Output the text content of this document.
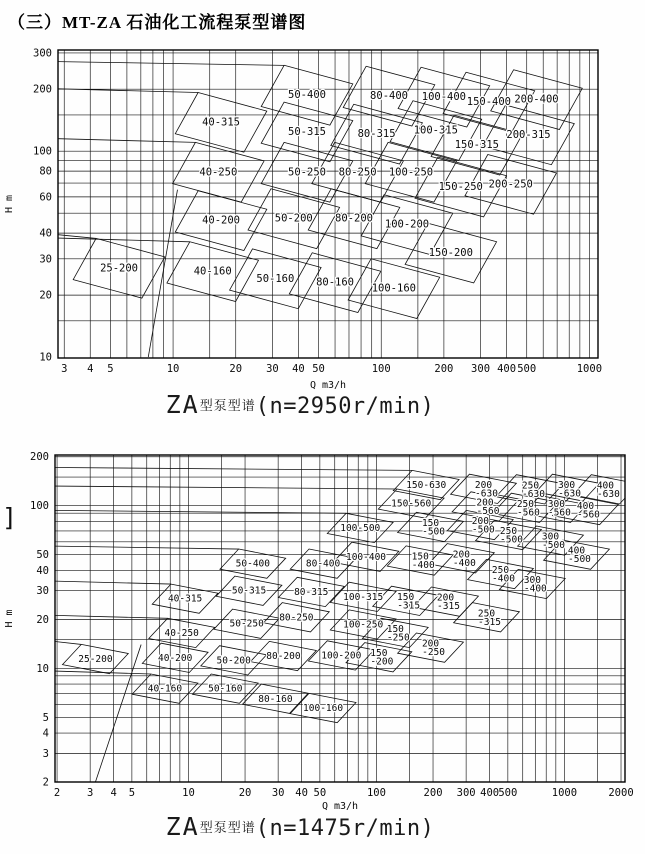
（三）MT-ZA 石油化工流程泵型谱图
25-200	40-160
50-160 80-160
100-160
40-200	50-200 80-200 100-200
150-200
40-250	50-250 80-250 100-250
150-250 200-250
40-315
50-315	80-315 100-315
150-315
200-315
50-400	80-400 100-400 150-400 200-400
3 4 5	10	20 30 40 50	100	200 300 400 500	1000
10
20
30
40
60
80
100
200
300
Q m3/h
H m
ZA型泵型谱(n=2950r/min)
]
25-200
40-160	50-160
80-160
100-160
40-200	50-200 80-200 100-200 150 -200
40-250
50-250
80-250
100-250 150 -250
200 -250
40-315
50-315	80-315 100-315 150 -315
200 -315
250 -315
50-400	80-400
100-400	150 -400
200 -400
250 -400 300 -400
100-500	150 -500
200 -500 250 -500 300 -500
400 -500
150-560	200 -560
250 -560
300 -560
400 -560
150-630	200 -630
250 -630
300 -630
400 -630
2	3 4 5	10	20 30 40 50	100	200 300 400 500	1000	2000
2
3
4
5
10
20
30
40
50
100
200
Q m3/h
H m
ZA型泵型谱(n=1475r/min)
